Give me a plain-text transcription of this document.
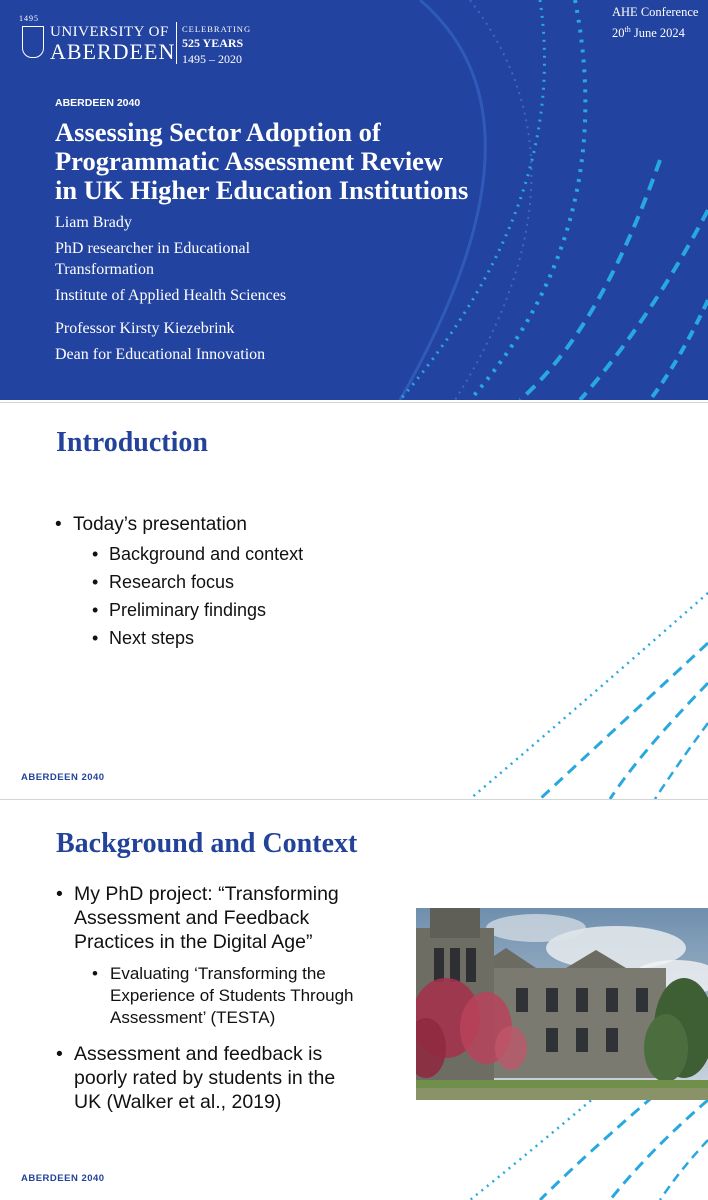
1495
UNIVERSITY OF
ABERDEEN
CELEBRATING
525 YEARS
1495 – 2020
AHE Conference
20th June 2024
ABERDEEN 2040
Assessing Sector Adoption of
Programmatic Assessment Review
in UK Higher Education Institutions
Liam Brady
PhD researcher in Educational
Transformation
Institute of Applied Health Sciences
Professor Kirsty Kiezebrink
Dean for Educational Innovation
Introduction
• Today’s presentation
• Background and context
• Research focus
• Preliminary findings
• Next steps
ABERDEEN 2040
Background and Context
• My PhD project: “Transforming
Assessment and Feedback
Practices in the Digital Age”
• Evaluating ‘Transforming the
Experience of Students Through
Assessment’ (TESTA)
• Assessment and feedback is
poorly rated by students in the
UK (Walker et al., 2019)
ABERDEEN 2040
